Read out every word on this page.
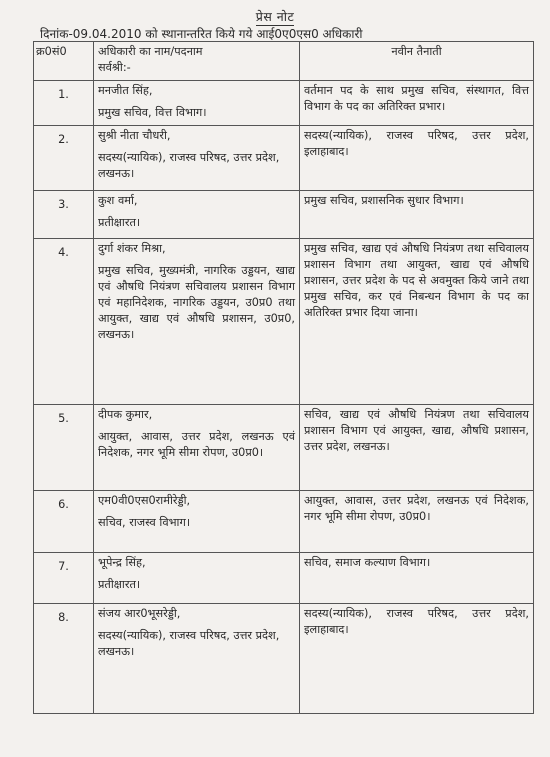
प्रेस नोट
दिनांक-09.04.2010 को स्थानान्तरित किये गये आई0ए0एस0 अधिकारी
क्र0सं0	अधिकारी का नाम/पदनाम
सर्वश्री:-	नवीन तैनाती
1.	मनजीत सिंह,
प्रमुख सचिव, वित्त विभाग।	वर्तमान पद के साथ प्रमुख सचिव, संस्थागत, वित्त विभाग के पद का अतिरिक्त प्रभार।
2.	सुश्री नीता चौधरी,
सदस्य(न्यायिक), राजस्व परिषद, उत्तर प्रदेश, लखनऊ।	सदस्य(न्यायिक), राजस्व परिषद, उत्तर प्रदेश, इलाहाबाद।
3.	कुश वर्मा,
प्रतीक्षारत।	प्रमुख सचिव, प्रशासनिक सुधार विभाग।
4.	दुर्गा शंकर मिश्रा,
प्रमुख सचिव, मुख्यमंत्री, नागरिक उड्डयन, खाद्य एवं औषधि नियंत्रण सचिवालय प्रशासन विभाग एवं महानिदेशक, नागरिक उड्डयन, उ0प्र0 तथा आयुक्त, खाद्य एवं औषधि प्रशासन, उ0प्र0, लखनऊ।	प्रमुख सचिव, खाद्य एवं औषधि नियंत्रण तथा सचिवालय प्रशासन विभाग तथा आयुक्त, खाद्य एवं औषधि प्रशासन, उत्तर प्रदेश के पद से अवमुक्त किये जाने तथा प्रमुख सचिव, कर एवं निबन्धन विभाग के पद का अतिरिक्त प्रभार दिया जाना।
5.	दीपक कुमार,
आयुक्त, आवास, उत्तर प्रदेश, लखनऊ एवं निदेशक, नगर भूमि सीमा रोपण, उ0प्र0।	सचिव, खाद्य एवं औषधि नियंत्रण तथा सचिवालय प्रशासन विभाग एवं आयुक्त, खाद्य, औषधि प्रशासन, उत्तर प्रदेश, लखनऊ।
6.	एम0वी0एस0रामीरेड्डी,
सचिव, राजस्व विभाग।	आयुक्त, आवास, उत्तर प्रदेश, लखनऊ एवं निदेशक, नगर भूमि सीमा रोपण, उ0प्र0।
7.	भूपेन्द्र सिंह,
प्रतीक्षारत।	सचिव, समाज कल्याण विभाग।
8.	संजय आर0भूसरेड्डी,
सदस्य(न्यायिक), राजस्व परिषद, उत्तर प्रदेश, लखनऊ।	सदस्य(न्यायिक), राजस्व परिषद, उत्तर प्रदेश, इलाहाबाद।
